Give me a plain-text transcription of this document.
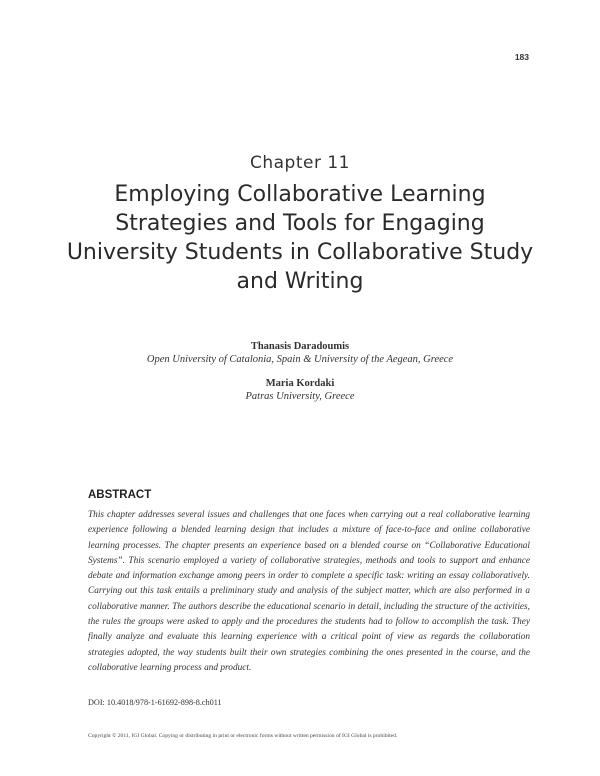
183
Chapter 11
Employing Collaborative Learning Strategies and Tools for Engaging University Students in Collaborative Study and Writing
Thanasis Daradoumis
Open University of Catalonia, Spain & University of the Aegean, Greece
Maria Kordaki
Patras University, Greece
ABSTRACT

This chapter addresses several issues and challenges that one faces when carrying out a real collaborative learning experience following a blended learning design that includes a mixture of face-to-face and online collaborative learning processes. The chapter presents an experience based on a blended course on “Collaborative Educational Systems”. This scenario employed a variety of collaborative strategies, methods and tools to support and enhance debate and information exchange among peers in order to complete a specific task: writing an essay collaboratively. Carrying out this task entails a preliminary study and analysis of the subject matter, which are also performed in a collaborative manner. The authors describe the educational scenario in detail, including the structure of the activities, the rules the groups were asked to apply and the procedures the students had to follow to accomplish the task. They finally analyze and evaluate this learning experience with a critical point of view as regards the collaboration strategies adopted, the way students built their own strategies combining the ones presented in the course, and the collaborative learning process and product.

DOI: 10.4018/978-1-61692-898-8.ch011
Copyright © 2011, IGI Global. Copying or distributing in print or electronic forms without written permission of IGI Global is prohibited.
